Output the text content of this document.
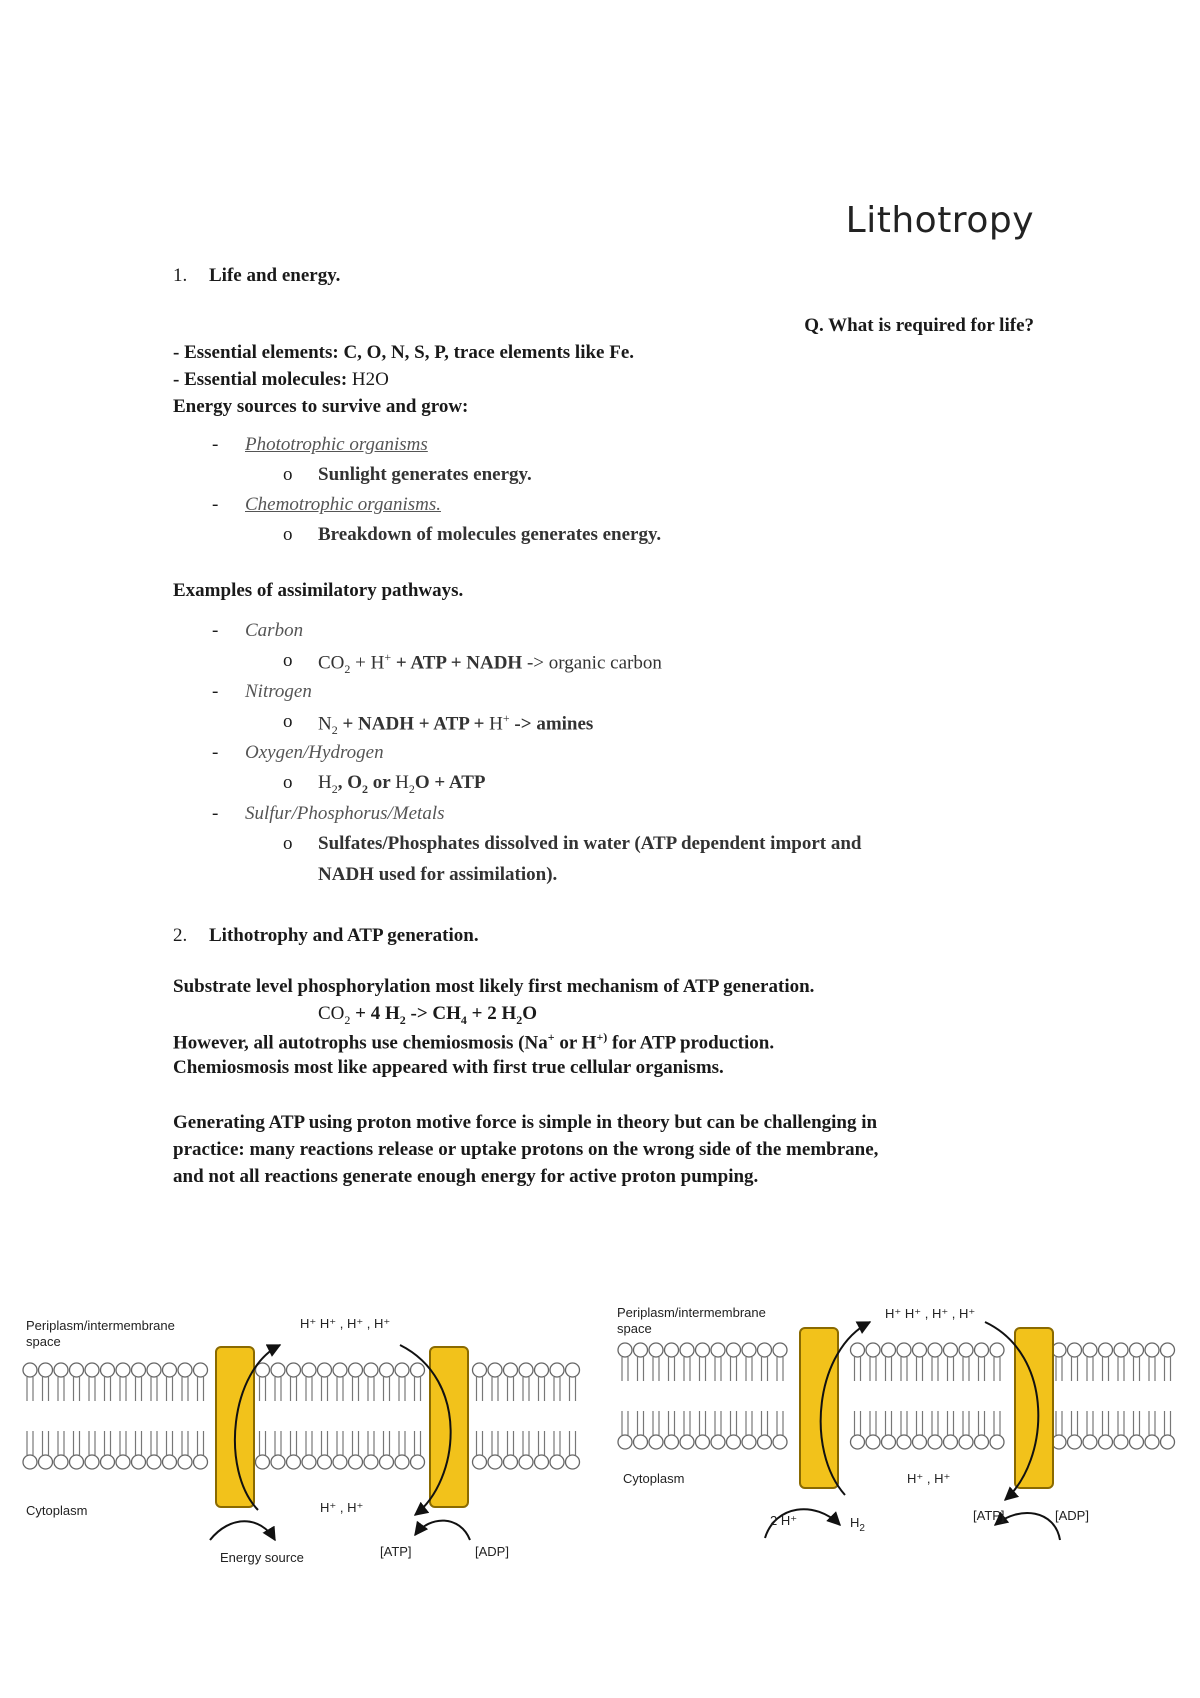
Lithotropy
1. Life and energy.
Q. What is required for life?
- Essential elements: C, O, N, S, P, trace elements like Fe.
- Essential molecules: H2O
Energy sources to survive and grow:
- Phototrophic organisms
o Sunlight generates energy.
- Chemotrophic organisms.
o Breakdown of molecules generates energy.
Examples of assimilatory pathways.
- Carbon
o $CO_2 + H^+$ + ATP + NADH -> organic carbon
- Nitrogen
o $N_2$ + NADH + ATP + H+ -> amines
- Oxygen/Hydrogen
o $H_2$, $O_2$ or $H_2O$ + ATP
- Sulfur/Phosphorus/Metals
o Sulfates/Phosphates dissolved in water (ATP dependent import and
NADH used for assimilation).
2. Lithotrophy and ATP generation.
Substrate level phosphorylation most likely first mechanism of ATP generation.
$CO_2 + 4$ $H_2 -> CH_4 + 2$ $H_2O$
However, all autotrophs use chemiosmosis (Na+ or H+) for ATP production.
Chemiosmosis most like appeared with first true cellular organisms.
Generating ATP using proton motive force is simple in theory but can be challenging in
practice: many reactions release or uptake protons on the wrong side of the membrane,
and not all reactions generate enough energy for active proton pumping.
Periplasm/intermembrane
space
H⁺ H⁺ , H⁺ , H⁺
Cytoplasm	H⁺ , H⁺
Energy source	[ATP]	[ADP]
Periplasm/intermembrane
space
H⁺ H⁺ , H⁺ , H⁺
Cytoplasm	H⁺ , H⁺
2 H⁺	$H_2$
[ATP]	[ADP]
